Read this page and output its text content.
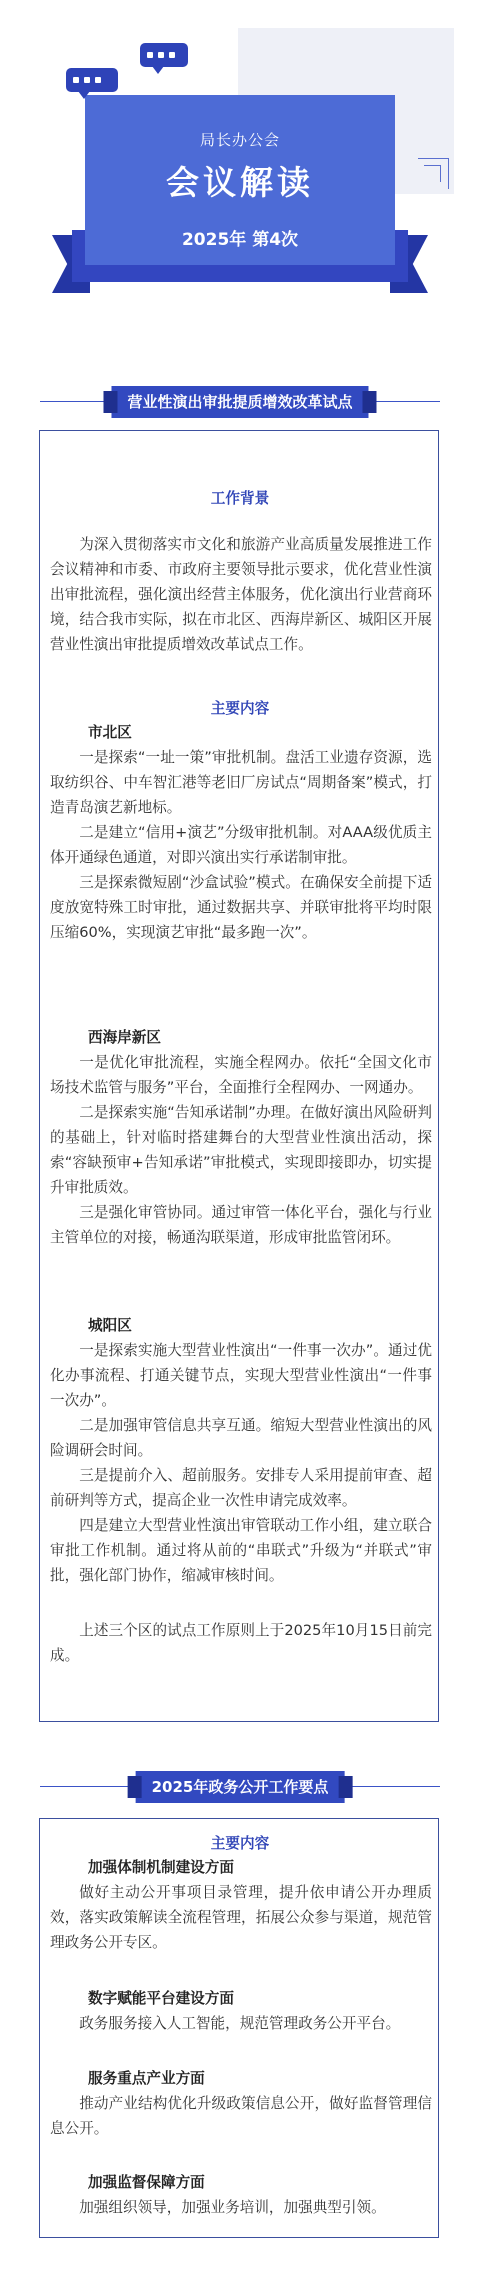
局长办公会
会议解读
2025年 第4次
营业性演出审批提质增效改革试点
工作背景

为深入贯彻落实市文化和旅游产业高质量发展推进工作会议精神和市委、市政府主要领导批示要求，优化营业性演出审批流程，强化演出经营主体服务，优化演出行业营商环境，结合我市实际，拟在市北区、西海岸新区、城阳区开展营业性演出审批提质增效改革试点工作。

主要内容
市北区

一是探索“一址一策”审批机制。盘活工业遗存资源，选取纺织谷、中车智汇港等老旧厂房试点“周期备案”模式，打造青岛演艺新地标。

二是建立“信用+演艺”分级审批机制。对AAA级优质主体开通绿色通道，对即兴演出实行承诺制审批。

三是探索微短剧“沙盒试验”模式。在确保安全前提下适度放宽特殊工时审批，通过数据共享、并联审批将平均时限压缩60%，实现演艺审批“最多跑一次”。

西海岸新区

一是优化审批流程，实施全程网办。依托“全国文化市场技术监管与服务”平台，全面推行全程网办、一网通办。

二是探索实施“告知承诺制”办理。在做好演出风险研判的基础上，针对临时搭建舞台的大型营业性演出活动，探索“容缺预审+告知承诺”审批模式，实现即接即办，切实提升审批质效。

三是强化审管协同。通过审管一体化平台，强化与行业主管单位的对接，畅通沟联渠道，形成审批监管闭环。

城阳区

一是探索实施大型营业性演出“一件事一次办”。通过优化办事流程、打通关键节点，实现大型营业性演出“一件事一次办”。

二是加强审管信息共享互通。缩短大型营业性演出的风险调研会时间。

三是提前介入、超前服务。安排专人采用提前审查、超前研判等方式，提高企业一次性申请完成效率。

四是建立大型营业性演出审管联动工作小组，建立联合审批工作机制。通过将从前的“串联式”升级为“并联式”审批，强化部门协作，缩减审核时间。

上述三个区的试点工作原则上于2025年10月15日前完成。

2025年政务公开工作要点
主要内容
加强体制机制建设方面

做好主动公开事项目录管理，提升依申请公开办理质效，落实政策解读全流程管理，拓展公众参与渠道，规范管理政务公开专区。

数字赋能平台建设方面

政务服务接入人工智能，规范管理政务公开平台。

服务重点产业方面

推动产业结构优化升级政策信息公开，做好监督管理信息公开。

加强监督保障方面

加强组织领导，加强业务培训，加强典型引领。
